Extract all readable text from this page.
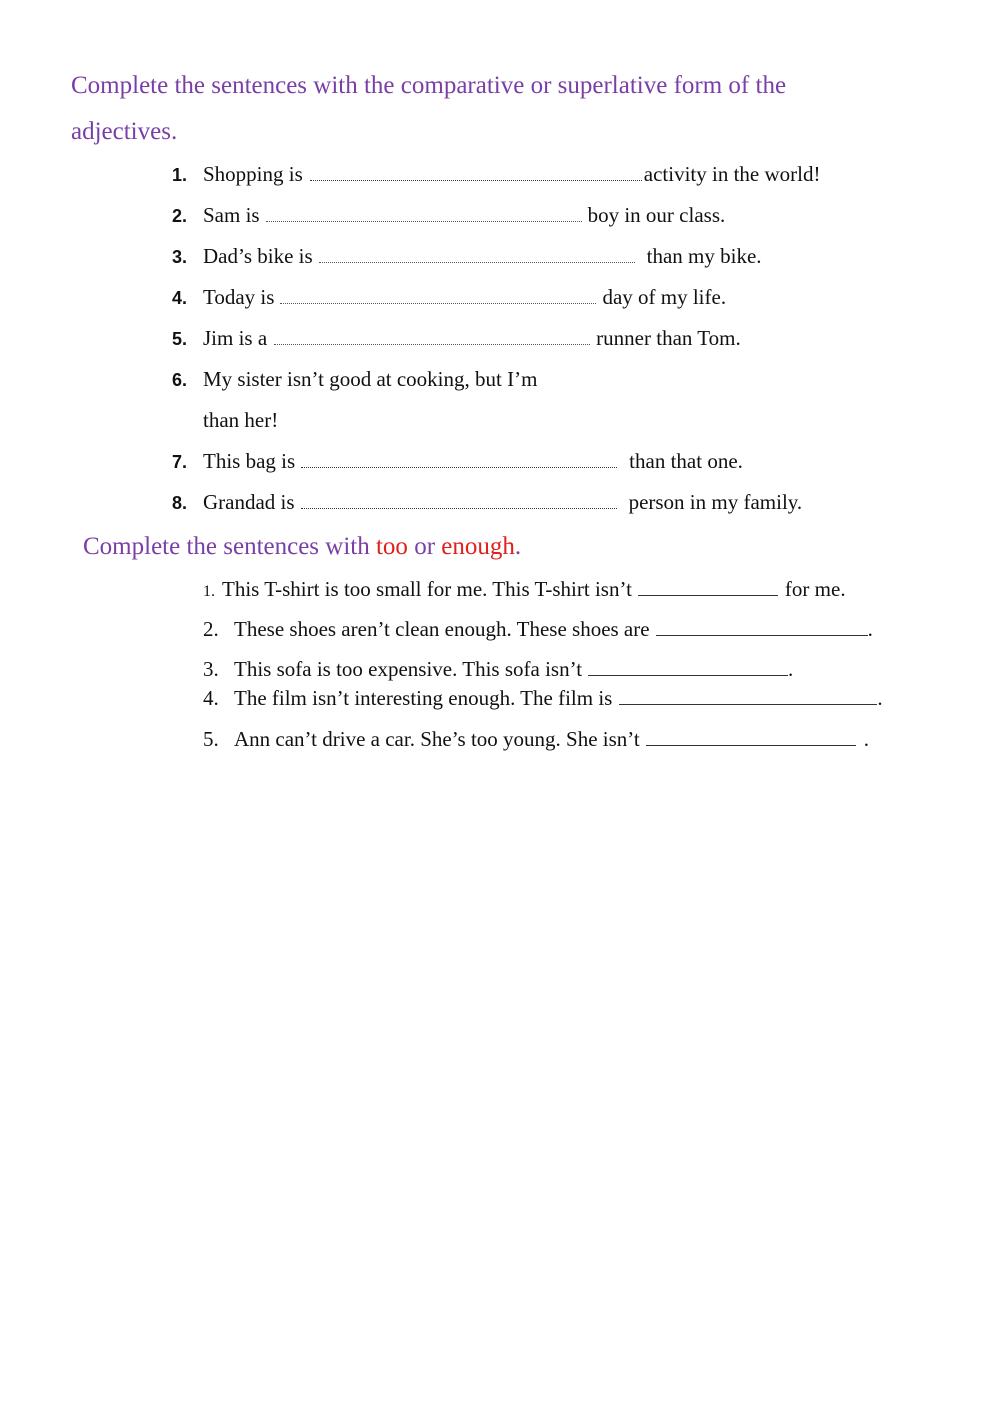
Complete the sentences with the comparative or superlative form of the
adjectives.
1. Shopping is	activity in the world!
2. Sam is	boy in our class.
3. Dad’s bike is	than my bike.
4. Today is	day of my life.
5. Jim is a	runner than Tom.
6. My sister isn’t good at cooking, but I’m
than her!
7. This bag is	than that one.
8. Grandad is	person in my family.
Complete the sentences with too or enough.
1. This T-shirt is too small for me. This T-shirt isn’t	for me.
2. These shoes aren’t clean enough. These shoes are	.
3. This sofa is too expensive. This sofa isn’t	.
4. The film isn’t interesting enough. The film is	.
5. Ann can’t drive a car. She’s too young. She isn’t	.
